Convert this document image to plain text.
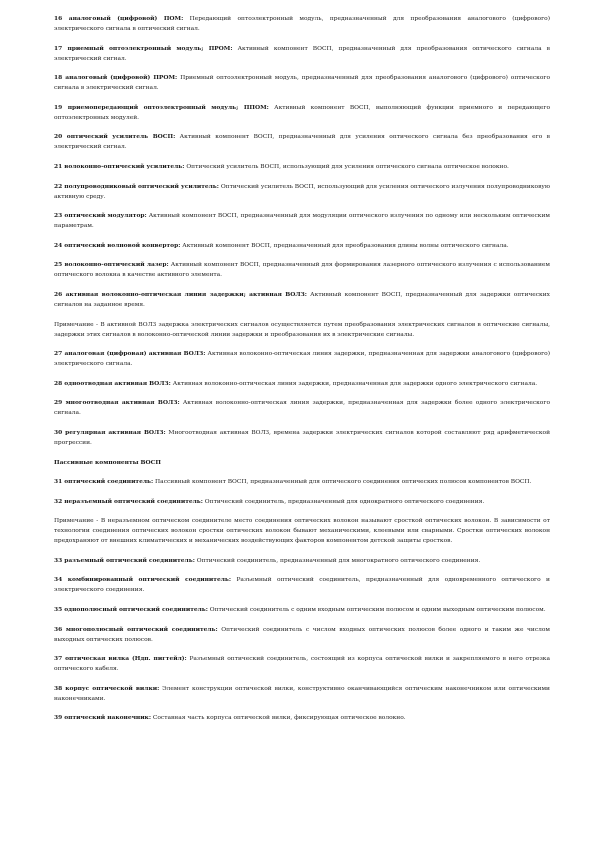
16 аналоговый (цифровой) ПОМ: Передающий оптоэлектронный модуль, предназначенный для преобразования аналогового (цифрового) электрического сигнала в оптический сигнал.
17 приемный оптоэлектронный модуль; ПРОМ: Активный компонент ВОСП, предназначенный для преобразования оптического сигнала в электрический сигнал.
18 аналоговый (цифровой) ПРОМ: Приемный оптоэлектронный модуль, предназначенный для преобразования аналогового (цифрового) оптического сигнала в электрический сигнал.
19 приемопередающий оптоэлектронный модуль; ППОМ: Активный компонент ВОСП, выполняющий функции приемного и передающего оптоэлектронных модулей.
20 оптический усилитель ВОСП: Активный компонент ВОСП, предназначенный для усиления оптического сигнала без преобразования его в электрический сигнал.
21 волоконно-оптический усилитель: Оптический усилитель ВОСП, использующий для усиления оптического сигнала оптическое волокно.
22 полупроводниковый оптический усилитель: Оптический усилитель ВОСП, использующий для усиления оптического излучения полупроводниковую активную среду.
23 оптический модулятор: Активный компонент ВОСП, предназначенный для модуляции оптического излучения по одному или нескольким оптическим параметрам.
24 оптический волновой конвертор: Активный компонент ВОСП, предназначенный для преобразования длины волны оптического сигнала.
25 волоконно-оптический лазер: Активный компонент ВОСП, предназначенный для формирования лазерного оптического излучения с использованием оптического волокна в качестве активного элемента.
26 активная волоконно-оптическая линия задержки; активная ВОЛЗ: Активный компонент ВОСП, предназначенный для задержки оптических сигналов на заданное время.
Примечание - В активной ВОЛЗ задержка электрических сигналов осуществляется путем преобразования электрических сигналов в оптические сигналы, задержки этих сигналов в волоконно-оптической линии задержки и преобразования их в электрические сигналы.
27 аналоговая (цифровая) активная ВОЛЗ: Активная волоконно-оптическая линия задержки, предназначенная для задержки аналогового (цифрового) электрического сигнала.
28 одноотводная активная ВОЛЗ: Активная волоконно-оптическая линия задержки, предназначенная для задержки одного электрического сигнала.
29 многоотводная активная ВОЛЗ: Активная волоконно-оптическая линия задержки, предназначенная для задержки более одного электрического сигнала.
30 регулярная активная ВОЛЗ: Многоотводная активная ВОЛЗ, времена задержки электрических сигналов которой составляют ряд арифметической прогрессии.
Пассивные компоненты ВОСП
31 оптический соединитель: Пассивный компонент ВОСП, предназначенный для оптического соединения оптических полюсов компонентов ВОСП.
32 неразъемный оптический соединитель: Оптический соединитель, предназначенный для однократного оптического соединения.
Примечание - В неразъемном оптическом соединителе место соединения оптических волокон называют сросткой оптических волокон. В зависимости от технологии соединения оптических волокон сростки оптических волокон бывают механическими, клеевыми или сварными. Сростки оптических волокон предохраняют от внешних климатических и механических воздействующих факторов компонентом детской защиты сростков.
33 разъемный оптический соединитель: Оптический соединитель, предназначенный для многократного оптического соединения.
34 комбинированный оптический соединитель: Разъемный оптический соединитель, предназначенный для одновременного оптического и электрического соединения.
35 однополюсный оптический соединитель: Оптический соединитель с одним входным оптическим полюсом и одним выходным оптическим полюсом.
36 многополюсный оптический соединитель: Оптический соединитель с числом входных оптических полюсов более одного и таким же числом выходных оптических полюсов.
37 оптическая вилка (Ндп. пигтейл): Разъемный оптический соединитель, состоящий из корпуса оптической вилки и закрепляемого в него отрезка оптического кабеля.
38 корпус оптической вилки: Элемент конструкции оптической вилки, конструктивно оканчивающийся оптическим наконечником или оптическими наконечниками.
39 оптический наконечник: Составная часть корпуса оптической вилки, фиксирующая оптическое волокно.
